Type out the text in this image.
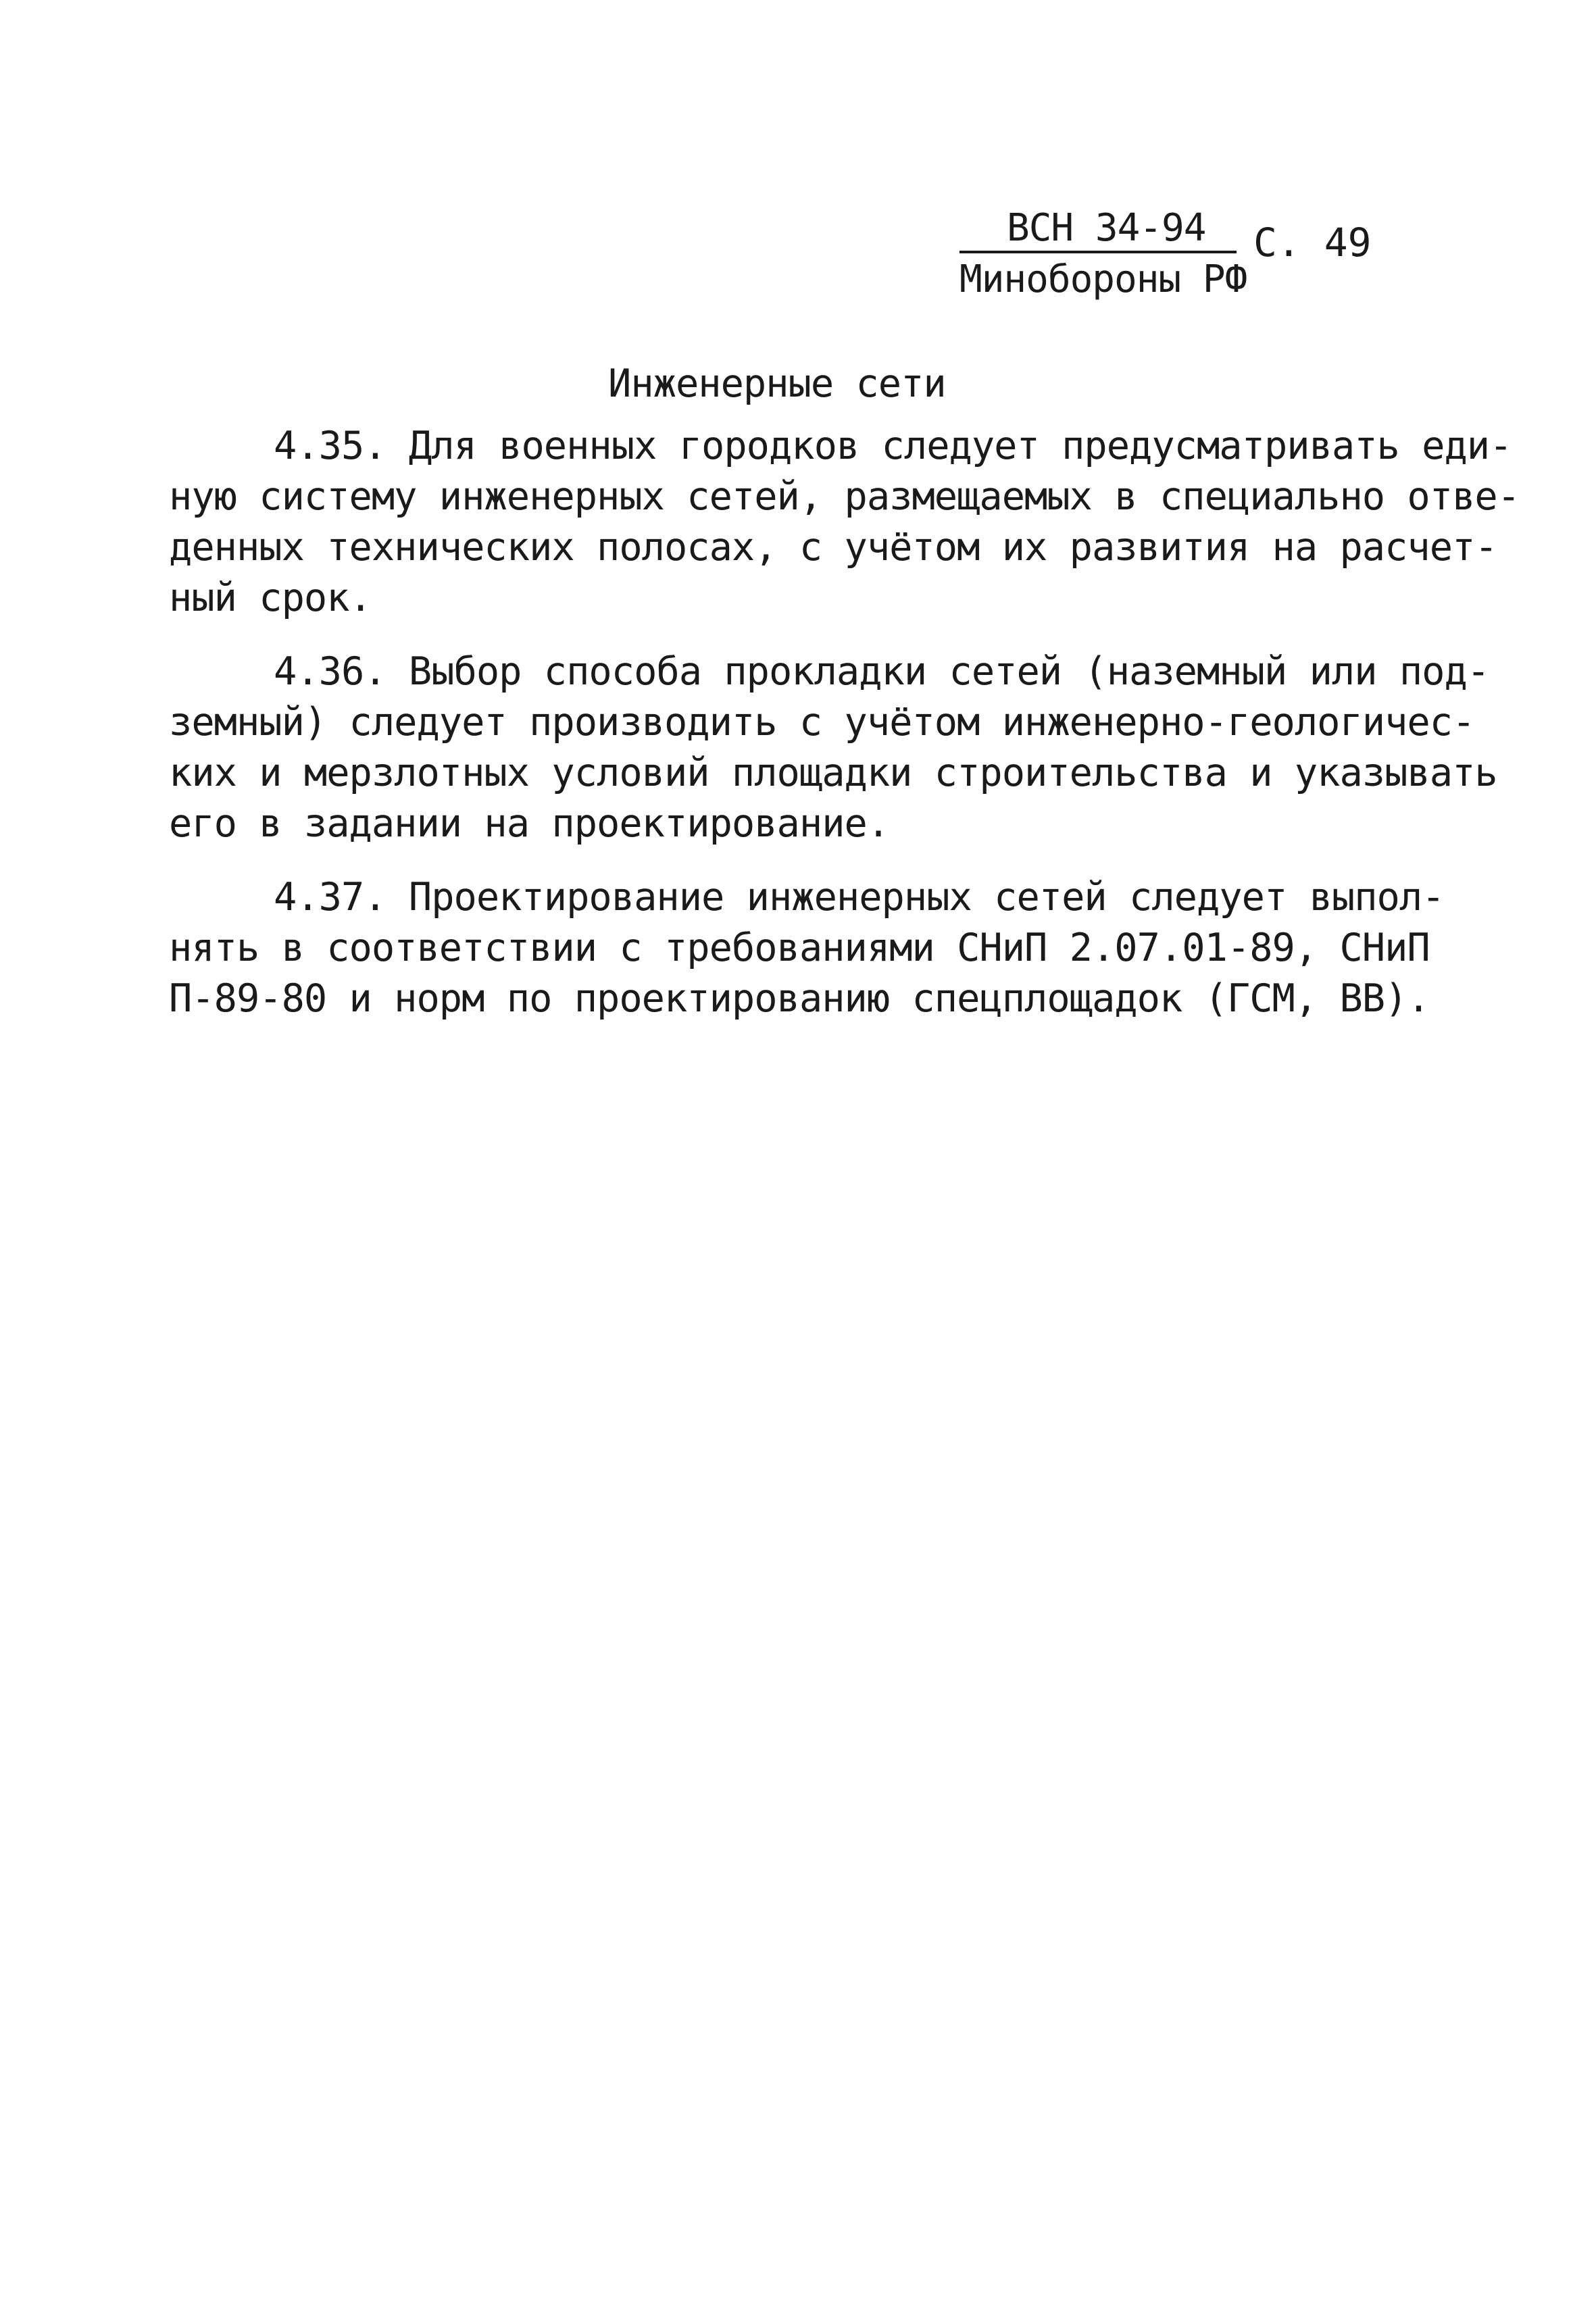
ВСН 34-94
Минобороны РФ
С. 49
Инженерные сети
4.35. Для военных городков следует предусматривать еди-
ную систему инженерных сетей, размещаемых в специально отве-
денных технических полосах, с учётом их развития на расчет-
ный срок.
4.36. Выбор способа прокладки сетей (наземный или под-
земный) следует производить с учётом инженерно-геологичес-
ких и мерзлотных условий площадки строительства и указывать
его в задании на проектирование.
4.37. Проектирование инженерных сетей следует выпол-
нять в соответствии с требованиями СНиП 2.07.01-89, СНиП
П-89-80 и норм по проектированию спецплощадок (ГСМ, ВВ).
